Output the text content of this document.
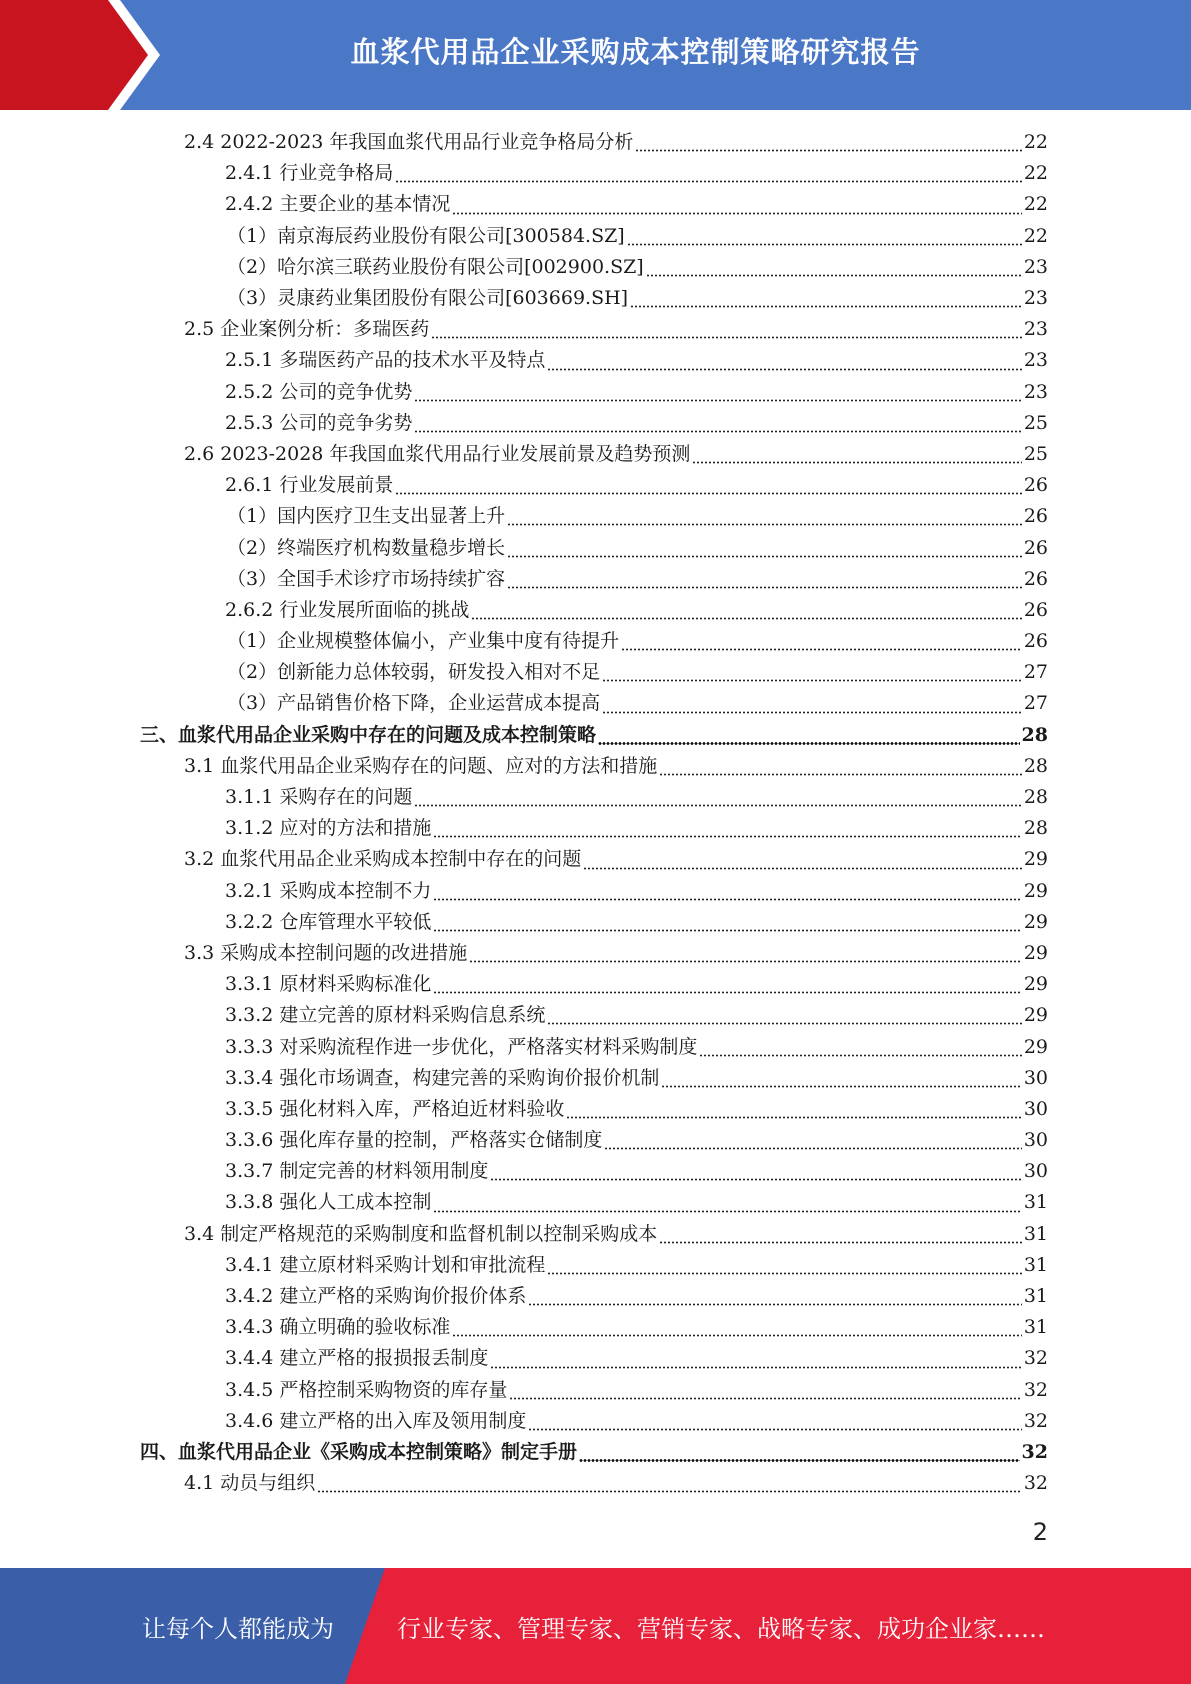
血浆代用品企业采购成本控制策略研究报告
2.4 2022-2023 年我国血浆代用品行业竞争格局分析	22
2.4.1 行业竞争格局	22
2.4.2 主要企业的基本情况	22
（1）南京海辰药业股份有限公司[300584.SZ]	22
（2）哈尔滨三联药业股份有限公司[002900.SZ]	23
（3）灵康药业集团股份有限公司[603669.SH]	23
2.5 企业案例分析：多瑞医药	23
2.5.1 多瑞医药产品的技术水平及特点	23
2.5.2 公司的竞争优势	23
2.5.3 公司的竞争劣势	25
2.6 2023-2028 年我国血浆代用品行业发展前景及趋势预测	25
2.6.1 行业发展前景	26
（1）国内医疗卫生支出显著上升	26
（2）终端医疗机构数量稳步增长	26
（3）全国手术诊疗市场持续扩容	26
2.6.2 行业发展所面临的挑战	26
（1）企业规模整体偏小，产业集中度有待提升	26
（2）创新能力总体较弱，研发投入相对不足	27
（3）产品销售价格下降，企业运营成本提高	27
三、血浆代用品企业采购中存在的问题及成本控制策略	28
3.1 血浆代用品企业采购存在的问题、应对的方法和措施	28
3.1.1 采购存在的问题	28
3.1.2 应对的方法和措施	28
3.2 血浆代用品企业采购成本控制中存在的问题	29
3.2.1 采购成本控制不力	29
3.2.2 仓库管理水平较低	29
3.3 采购成本控制问题的改进措施	29
3.3.1 原材料采购标准化	29
3.3.2 建立完善的原材料采购信息系统	29
3.3.3 对采购流程作进一步优化，严格落实材料采购制度	29
3.3.4 强化市场调查，构建完善的采购询价报价机制	30
3.3.5 强化材料入库，严格迫近材料验收	30
3.3.6 强化库存量的控制，严格落实仓储制度	30
3.3.7 制定完善的材料领用制度	30
3.3.8 强化人工成本控制	31
3.4 制定严格规范的采购制度和监督机制以控制采购成本	31
3.4.1 建立原材料采购计划和审批流程	31
3.4.2 建立严格的采购询价报价体系	31
3.4.3 确立明确的验收标准	31
3.4.4 建立严格的报损报丢制度	32
3.4.5 严格控制采购物资的库存量	32
3.4.6 建立严格的出入库及领用制度	32
四、血浆代用品企业《采购成本控制策略》制定手册	32
4.1 动员与组织	32
2
让每个人都能成为	行业专家、管理专家、营销专家、战略专家、成功企业家……
